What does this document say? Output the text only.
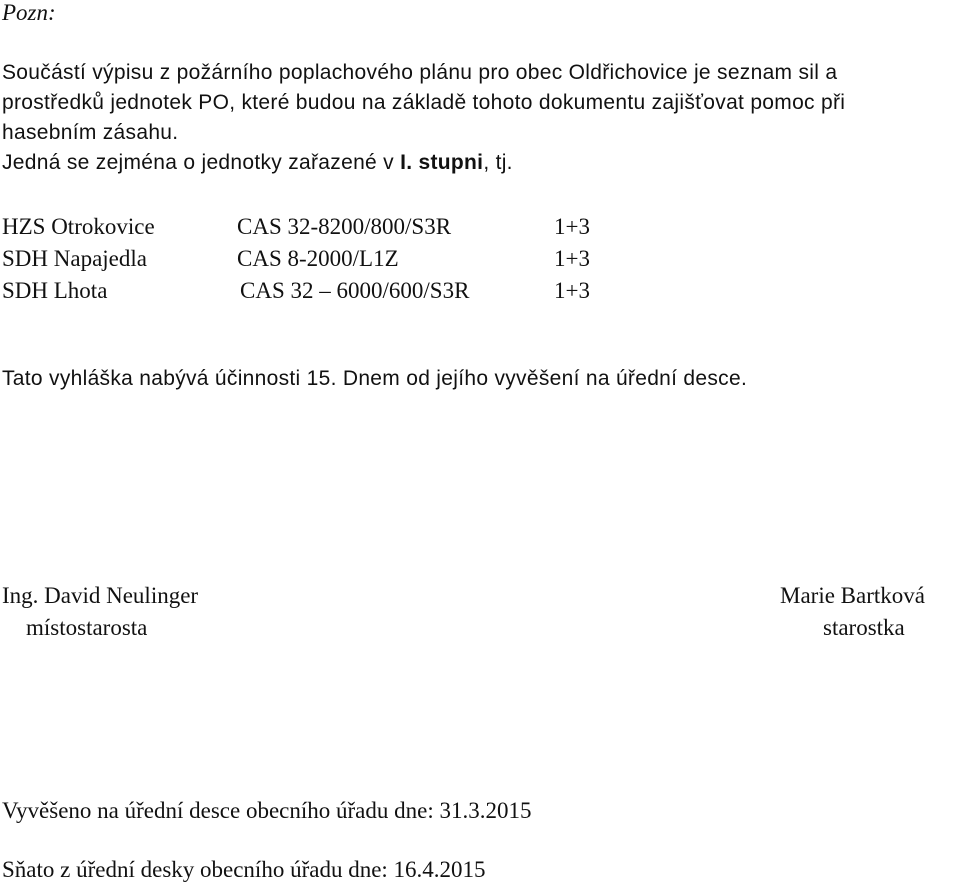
Pozn:
Součástí výpisu z požárního poplachového plánu pro obec Oldřichovice je seznam sil a
prostředků jednotek PO, které budou na základě tohoto dokumentu zajišťovat pomoc při
hasebním zásahu.
Jedná se zejména o jednotky zařazené v I. stupni, tj.
HZS Otrokovice	CAS 32-8200/800/S3R	1+3
SDH Napajedla	CAS 8-2000/L1Z	1+3
SDH Lhota	CAS 32 – 6000/600/S3R	1+3
Tato vyhláška nabývá účinnosti 15. Dnem od jejího vyvěšení na úřední desce.
Ing. David Neulinger
místostarosta
Marie Bartková
starostka
Vyvěšeno na úřední desce obecního úřadu dne: 31.3.2015
Sňato z úřední desky obecního úřadu dne: 16.4.2015
